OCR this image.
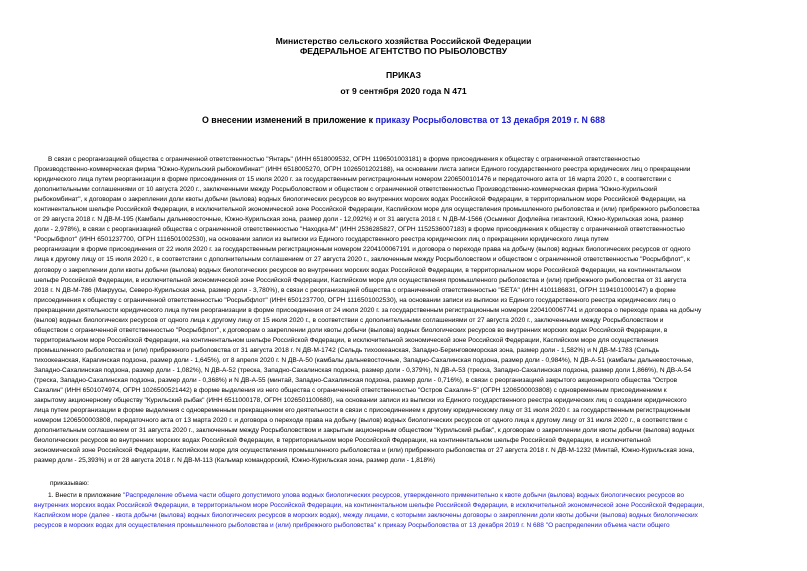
Министерство сельского хозяйства Российской Федерации
ФЕДЕРАЛЬНОЕ АГЕНТСТВО ПО РЫБОЛОВСТВУ
ПРИКАЗ
от 9 сентября 2020 года N 471
О внесении изменений в приложение к приказу Росрыболовства от 13 декабря 2019 г. N 688

В связи с реорганизацией общества с ограниченной ответственностью "Янтарь" (ИНН 6518009532, ОГРН 1196501003181) в форме присоединения к обществу с ограниченной ответственностью

Производственно-коммерческая фирма "Южно-Курильский рыбокомбинат" (ИНН 6518005270, ОГРН 1026501202188), на основании листа записи Единого государственного реестра юридических лиц о прекращении

юридического лица путем реорганизации в форме присоединения от 15 июля 2020 г. за государственным регистрационным номером 2206500101476 и передаточного акта от 16 марта 2020 г., в соответствии с

дополнительными соглашениями от 10 августа 2020 г., заключенными между Росрыболовством и обществом с ограниченной ответственностью Производственно-коммерческая фирма "Южно-Курильский

рыбокомбинат", к договорам о закреплении доли квоты добычи (вылова) водных биологических ресурсов во внутренних морских водах Российской Федерации, в территориальном море Российской Федерации, на

континентальном шельфе Российской Федерации, в исключительной экономической зоне Российской Федерации, Каспийском море для осуществления промышленного рыболовства и (или) прибрежного рыболовства

от 29 августа 2018 г. N ДВ-М-195 (Камбалы дальневосточные, Южно-Курильская зона, размер доли - 12,092%) и от 31 августа 2018 г. N ДВ-М-1566 (Осьминог Дофлейна гигантский, Южно-Курильская зона, размер

доли - 2,978%), в связи с реорганизацией общества с ограниченной ответственностью "Находка-М" (ИНН 2536285827, ОГРН 1152536007183) в форме присоединения к обществу с ограниченной ответственностью

"Росрыбфлот" (ИНН 6501237700, ОГРН 1116501002530), на основании записи из выписки из Единого государственного реестра юридических лиц о прекращении юридического лица путем

реорганизации в форме присоединения от 22 июля 2020 г. за государственным регистрационным номером 2204100067191 и договора о переходе права на добычу (вылов) водных биологических ресурсов от одного

лица к другому лицу от 15 июля 2020 г., в соответствии с дополнительным соглашением от 27 августа 2020 г., заключенным между Росрыболовством и обществом с ограниченной ответственностью "Росрыбфлот", к

договору о закреплении доли квоты добычи (вылова) водных биологических ресурсов во внутренних морских водах Российской Федерации, в территориальном море Российской Федерации, на континентальном

шельфе Российской Федерации, в исключительной экономической зоне Российской Федерации, Каспийском море для осуществления промышленного рыболовства и (или) прибрежного рыболовства от 31 августа

2018 г. N ДВ-М-786 (Макруусы, Северо-Курильская зона, размер доли - 3,780%), в связи с реорганизацией общества с ограниченной ответственностью "БЕТА" (ИНН 4101186831, ОГРН 1194101000147) в форме

присоединения к обществу с ограниченной ответственностью "Росрыбфлот" (ИНН 6501237700, ОГРН 1116501002530), на основании записи из выписки из Единого государственного реестра юридических лиц о

прекращении деятельности юридического лица путем реорганизации в форме присоединения от 24 июля 2020 г. за государственным регистрационным номером 2204100067741 и договора о переходе права на добычу

(вылов) водных биологических ресурсов от одного лица к другому лицу от 15 июля 2020 г., в соответствии с дополнительными соглашениями от 27 августа 2020 г., заключенными между Росрыболовством и

обществом с ограниченной ответственностью "Росрыбфлот", к договорам о закреплении доли квоты добычи (вылова) водных биологических ресурсов во внутренних морских водах Российской Федерации, в

территориальном море Российской Федерации, на континентальном шельфе Российской Федерации, в исключительной экономической зоне Российской Федерации, Каспийском море для осуществления

промышленного рыболовства и (или) прибрежного рыболовства от 31 августа 2018 г. N ДВ-М-1742 (Сельдь тихоокеанская, Западно-Беринговоморская зона, размер доли - 1,582%) и N ДВ-М-1783 (Сельдь

тихоокеанская, Карагинская подзона, размер доли - 1,645%), от 8 апреля 2020 г. N ДВ-А-50 (камбалы дальневосточные, Западно-Сахалинская подзона, размер доли - 0,984%), N ДВ-А-51 (камбалы дальневосточные,

Западно-Сахалинская подзона, размер доли - 1,082%), N ДВ-А-52 (треска, Западно-Сахалинская подзона, размер доли - 0,379%), N ДВ-А-53 (треска, Западно-Сахалинская подзона, размер доли 1,866%), N ДВ-А-54

(треска, Западно-Сахалинская подзона, размер доли - 0,368%) и N ДВ-А-55 (минтай, Западно-Сахалинская подзона, размер доли - 0,716%), в связи с реорганизацией закрытого акционерного общества "Остров

Сахалин" (ИНН 6501074974, ОГРН 1026500521442) в форме выделения из него общества с ограниченной ответственностью "Остров Сахалин-5" (ОГРН 1206500003808) с одновременным присоединением к

закрытому акционерному обществу "Курильский рыбак" (ИНН 6511000178, ОГРН 1026501100680), на основании записи из выписки из Единого государственного реестра юридических лиц о создании юридического

лица путем реорганизации в форме выделения с одновременным прекращением его деятельности в связи с присоединением к другому юридическому лицу от 31 июля 2020 г. за государственным регистрационным

номером 1206500003808, передаточного акта от 13 марта 2020 г. и договора о переходе права на добычу (вылов) водных биологических ресурсов от одного лица к другому лицу от 31 июля 2020 г., в соответствии с

дополнительным соглашением от 31 августа 2020 г., заключенным между Росрыболовством и закрытым акционерным обществом "Курильский рыбак", к договорам о закреплении доли квоты добычи (вылова) водных

биологических ресурсов во внутренних морских водах Российской Федерации, в территориальном море Российской Федерации, на континентальном шельфе Российской Федерации, в исключительной

экономической зоне Российской Федерации, Каспийском море для осуществления промышленного рыболовства и (или) прибрежного рыболовства от 27 августа 2018 г. N ДВ-М-1232 (Минтай, Южно-Курильская зона,

размер доли - 25,393%) и от 28 августа 2018 г. N ДВ-М-113 (Кальмар командорский, Южно-Курильская зона, размер доли - 1,818%)

приказываю:

1. Внести в приложение "Распределение объема части общего допустимого улова водных биологических ресурсов, утвержденного применительно к квоте добычи (вылова) водных биологических ресурсов во

внутренних морских водах Российской Федерации, в территориальном море Российской Федерации, на континентальном шельфе Российской Федерации, в исключительной экономической зоне Российской Федерации,

Каспийском море (далее - квота добычи (вылова) водных биологических ресурсов в морских водах), между лицами, с которыми заключены договоры о закреплении доли квоты добычи (вылова) водных биологических

ресурсов в морских водах для осуществления промышленного рыболовства и (или) прибрежного рыболовства" к приказу Росрыболовства от 13 декабря 2019 г. N 688 "О распределении объема части общего
